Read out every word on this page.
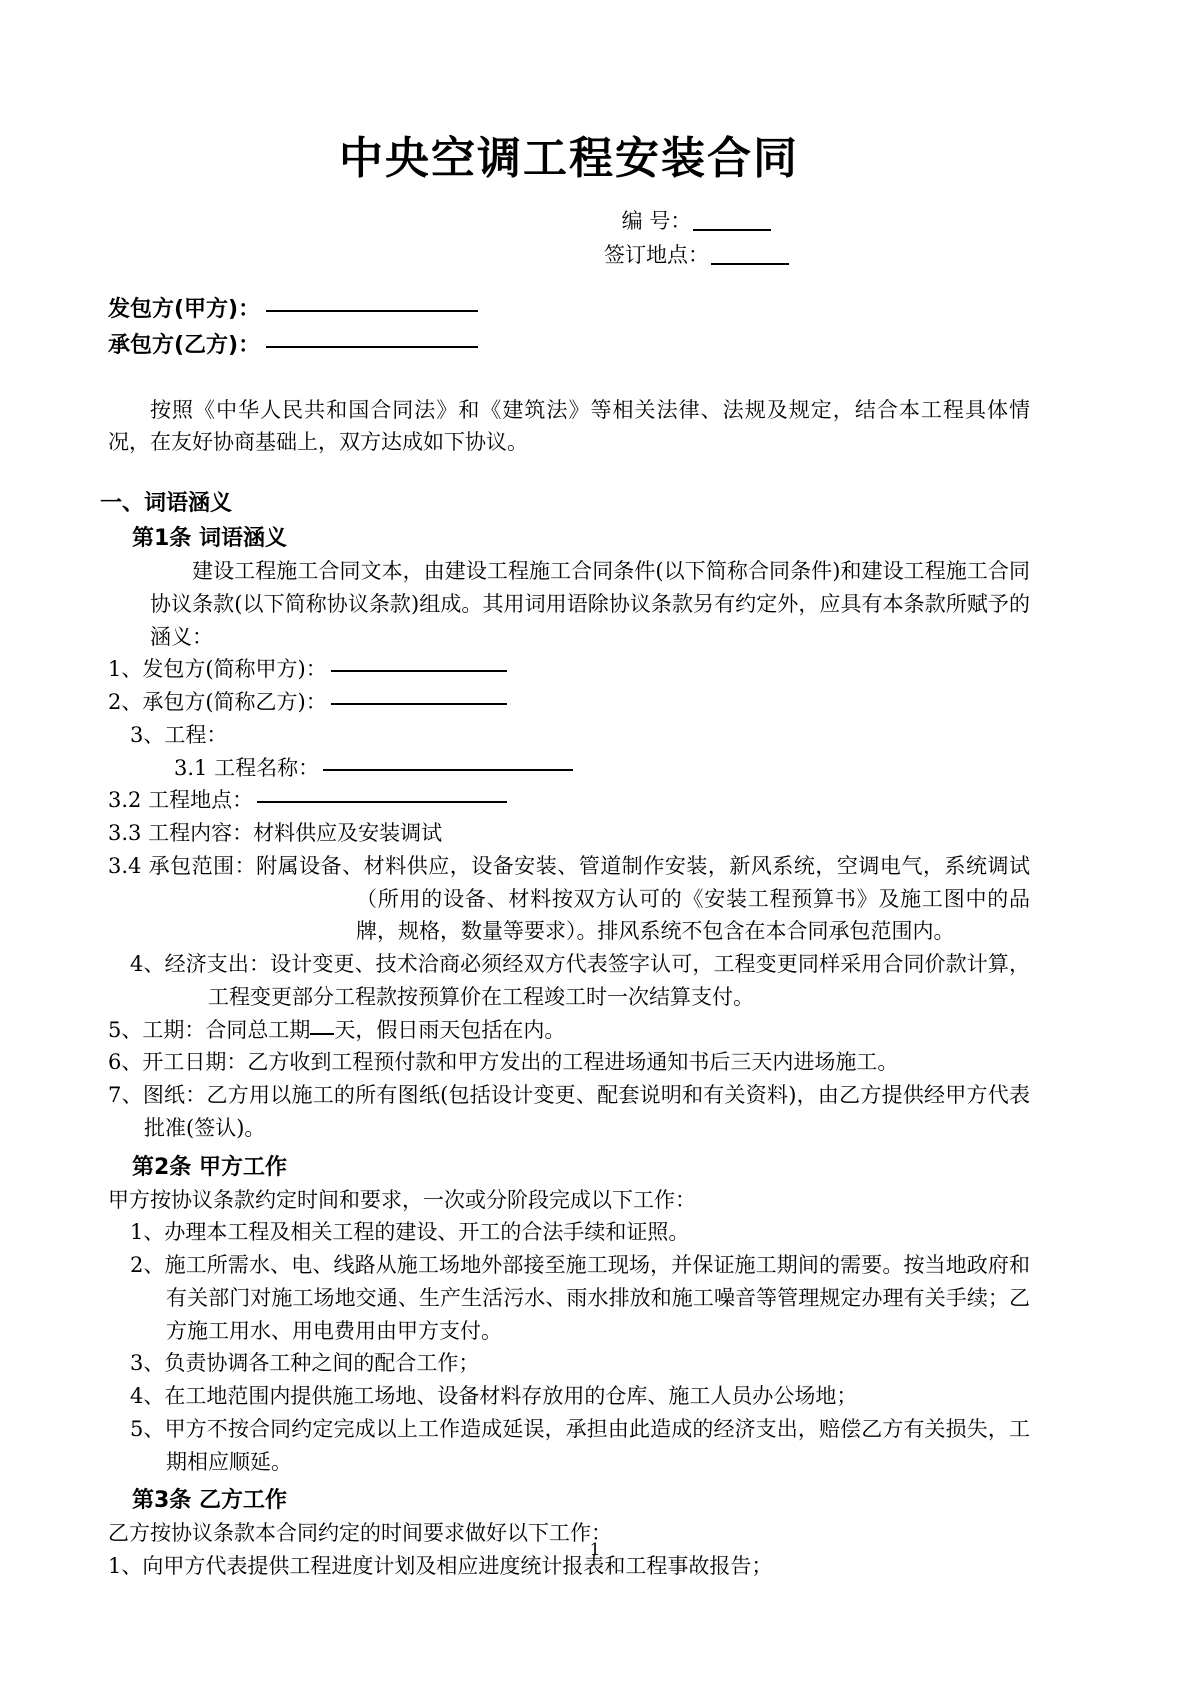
中央空调工程安装合同
编 号：
签订地点：
发包方(甲方)：
承包方(乙方)：
按照《中华人民共和国合同法》和《建筑法》等相关法律、法规及规定，结合本工程具体情况，在友好协商基础上，双方达成如下协议。
一、词语涵义
第1条 词语涵义
建设工程施工合同文本，由建设工程施工合同条件(以下简称合同条件)和建设工程施工合同协议条款(以下简称协议条款)组成。其用词用语除协议条款另有约定外，应具有本条款所赋予的涵义：
1、发包方(简称甲方)：
2、承包方(简称乙方)：
3、工程：
3.1 工程名称：
3.2 工程地点：
3.3 工程内容：材料供应及安装调试
3.4 承包范围：附属设备、材料供应，设备安装、管道制作安装，新风系统，空调电气，系统调试（所用的设备、材料按双方认可的《安装工程预算书》及施工图中的品牌，规格，数量等要求）。排风系统不包含在本合同承包范围内。
4、经济支出：设计变更、技术洽商必须经双方代表签字认可，工程变更同样采用合同价款计算，工程变更部分工程款按预算价在工程竣工时一次结算支付。
5、工期：合同总工期 天，假日雨天包括在内。
6、开工日期：乙方收到工程预付款和甲方发出的工程进场通知书后三天内进场施工。
7、图纸：乙方用以施工的所有图纸(包括设计变更、配套说明和有关资料)，由乙方提供经甲方代表批准(签认)。
第2条 甲方工作
甲方按协议条款约定时间和要求，一次或分阶段完成以下工作：
1、办理本工程及相关工程的建设、开工的合法手续和证照。
2、施工所需水、电、线路从施工场地外部接至施工现场，并保证施工期间的需要。按当地政府和有关部门对施工场地交通、生产生活污水、雨水排放和施工噪音等管理规定办理有关手续；乙方施工用水、用电费用由甲方支付。
3、负责协调各工种之间的配合工作；
4、在工地范围内提供施工场地、设备材料存放用的仓库、施工人员办公场地；
5、甲方不按合同约定完成以上工作造成延误，承担由此造成的经济支出，赔偿乙方有关损失，工期相应顺延。
第3条 乙方工作
乙方按协议条款本合同约定的时间要求做好以下工作：
1、向甲方代表提供工程进度计划及相应进度统计报表和工程事故报告；
1
